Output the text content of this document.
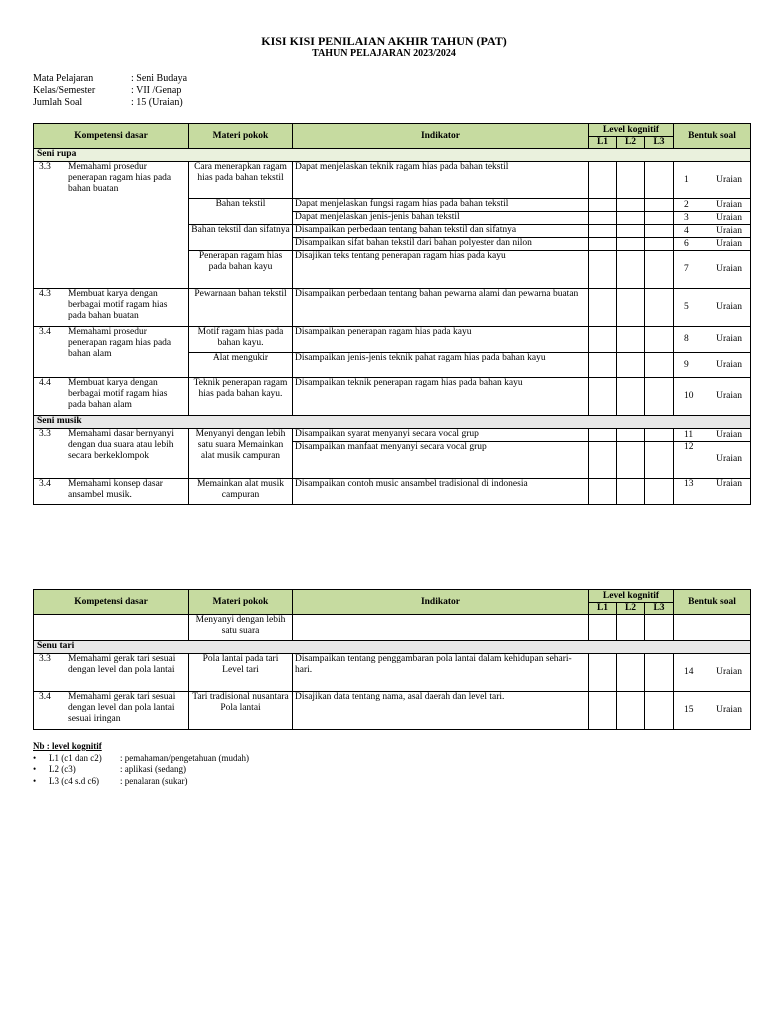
KISI KISI PENILAIAN AKHIR TAHUN (PAT)
TAHUN PELAJARAN 2023/2024
Mata Pelajaran	: Seni Budaya
Kelas/Semester	: VII /Genap
Jumlah Soal	: 15 (Uraian)
Kompetensi dasar	Materi pokok	Indikator	Level kognitif			Bentuk soal
			L1	L2	L3	
Seni rupa						

3.3 Memahami prosedur penerapan ragam hias pada bahan buatan	Cara menerapkan ragam hias pada bahan tekstil	Dapat menjelaskan teknik ragam hias pada bahan tekstil				1 Uraian

	Bahan tekstil	Dapat menjelaskan fungsi ragam hias pada bahan tekstil				2 Uraian

		Dapat menjelaskan jenis-jenis bahan tekstil				3 Uraian

	Bahan tekstil dan sifatnya	Disampaikan perbedaan tentang bahan tekstil dan sifatnya				4 Uraian

		Disampaikan sifat bahan tekstil dari bahan polyester dan nilon				6 Uraian

	Penerapan ragam hias pada bahan kayu	Disajikan teks tentang penerapan ragam hias pada kayu				7 Uraian

4.3 Membuat karya dengan berbagai motif ragam hias pada bahan buatan	Pewarnaan bahan tekstil	Disampaikan perbedaan tentang bahan pewarna alami dan pewarna buatan				5 Uraian

3.4 Memahami prosedur penerapan ragam hias pada bahan alam	Motif ragam hias pada bahan kayu.	Disampaikan penerapan ragam hias pada kayu				8 Uraian

	Alat mengukir	Disampaikan jenis-jenis teknik pahat ragam hias pada bahan kayu				9 Uraian

4.4 Membuat karya dengan berbagai motif ragam hias pada bahan alam	Teknik penerapan ragam hias pada bahan kayu.	Disampaikan teknik penerapan ragam hias pada bahan kayu				10 Uraian

Seni musik						

3.3 Memahami dasar bernyanyi dengan dua suara atau lebih secara berkeklompok	Menyanyi dengan lebih satu suara Memainkan alat musik campuran	Disampaikan syarat menyanyi secara vocal grup				11 Uraian

		Disampaikan manfaat menyanyi secara vocal grup				12
Uraian

3.4 Memahami konsep dasar ansambel musik.	Memainkan alat musik campuran	Disampaikan contoh music ansambel tradisional di indonesia				13 Uraian
Kompetensi dasar	Materi pokok	Indikator	Level kognitif			Bentuk soal
			L1	L2	L3	
	Menyanyi dengan lebih satu suara					
Senu tari						

3.3 Memahami gerak tari sesuai dengan level dan pola lantai	Pola lantai pada tari Level tari	Disampaikan tentang penggambaran pola lantai dalam kehidupan sehari-hari.				14 Uraian

3.4 Memahami gerak tari sesuai dengan level dan pola lantai sesuai iringan	Tari tradisional nusantara Pola lantai	Disajikan data tentang nama, asal daerah dan level tari.				15 Uraian
Nb : level kognitif
•	L1 (c1 dan c2)	: pemahaman/pengetahuan (mudah)
•	L2 (c3)	: aplikasi (sedang)
•	L3 (c4 s.d c6)	: penalaran (sukar)
